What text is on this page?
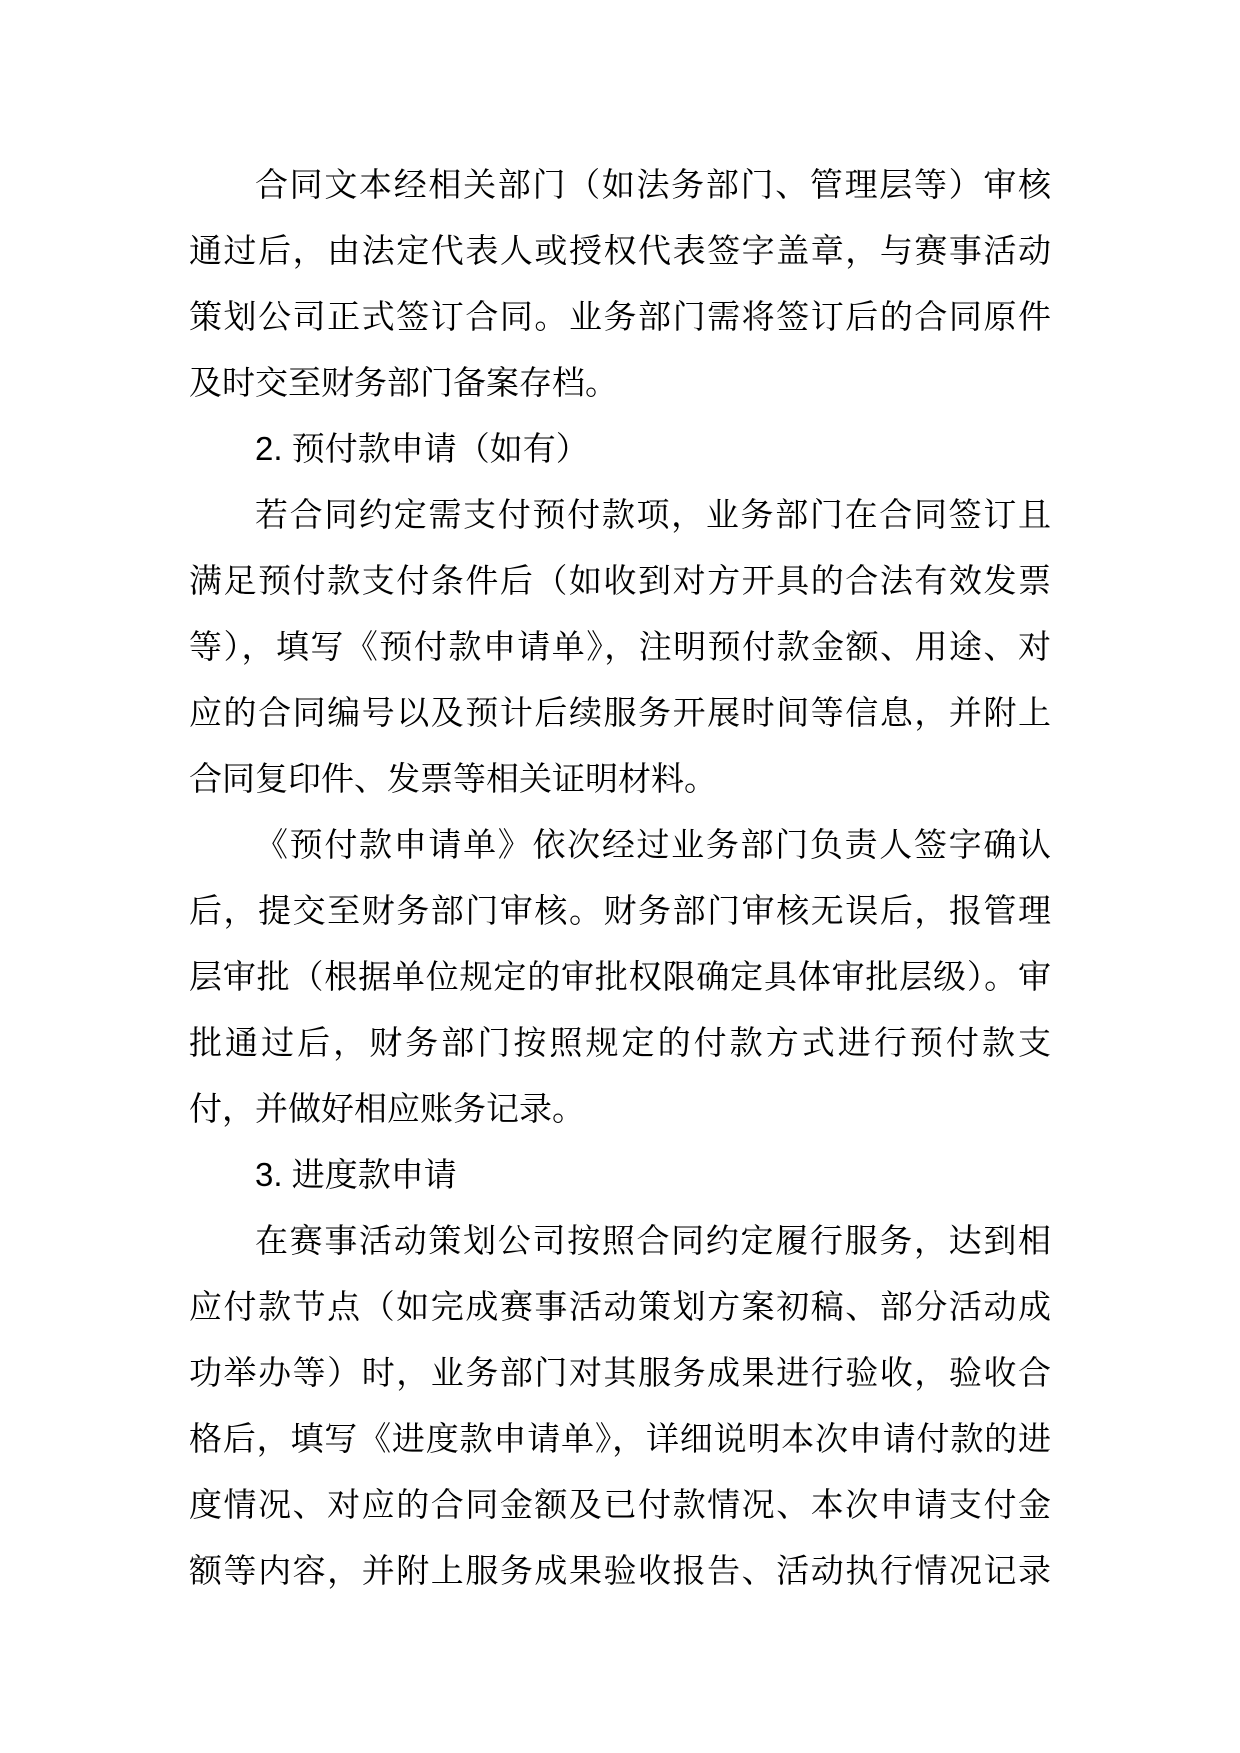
合同文本经相关部门（如法务部门、管理层等）审核
通过后，由法定代表人或授权代表签字盖章，与赛事活动
策划公司正式签订合同。业务部门需将签订后的合同原件
及时交至财务部门备案存档。
2. 预付款申请（如有）
若合同约定需支付预付款项，业务部门在合同签订且
满足预付款支付条件后（如收到对方开具的合法有效发票
等），填写《预付款申请单》，注明预付款金额、用途、对
应的合同编号以及预计后续服务开展时间等信息，并附上
合同复印件、发票等相关证明材料。
《预付款申请单》依次经过业务部门负责人签字确认
后，提交至财务部门审核。财务部门审核无误后，报管理
层审批（根据单位规定的审批权限确定具体审批层级）。审
批通过后，财务部门按照规定的付款方式进行预付款支
付，并做好相应账务记录。
3. 进度款申请
在赛事活动策划公司按照合同约定履行服务，达到相
应付款节点（如完成赛事活动策划方案初稿、部分活动成
功举办等）时，业务部门对其服务成果进行验收，验收合
格后，填写《进度款申请单》，详细说明本次申请付款的进
度情况、对应的合同金额及已付款情况、本次申请支付金
额等内容，并附上服务成果验收报告、活动执行情况记录
